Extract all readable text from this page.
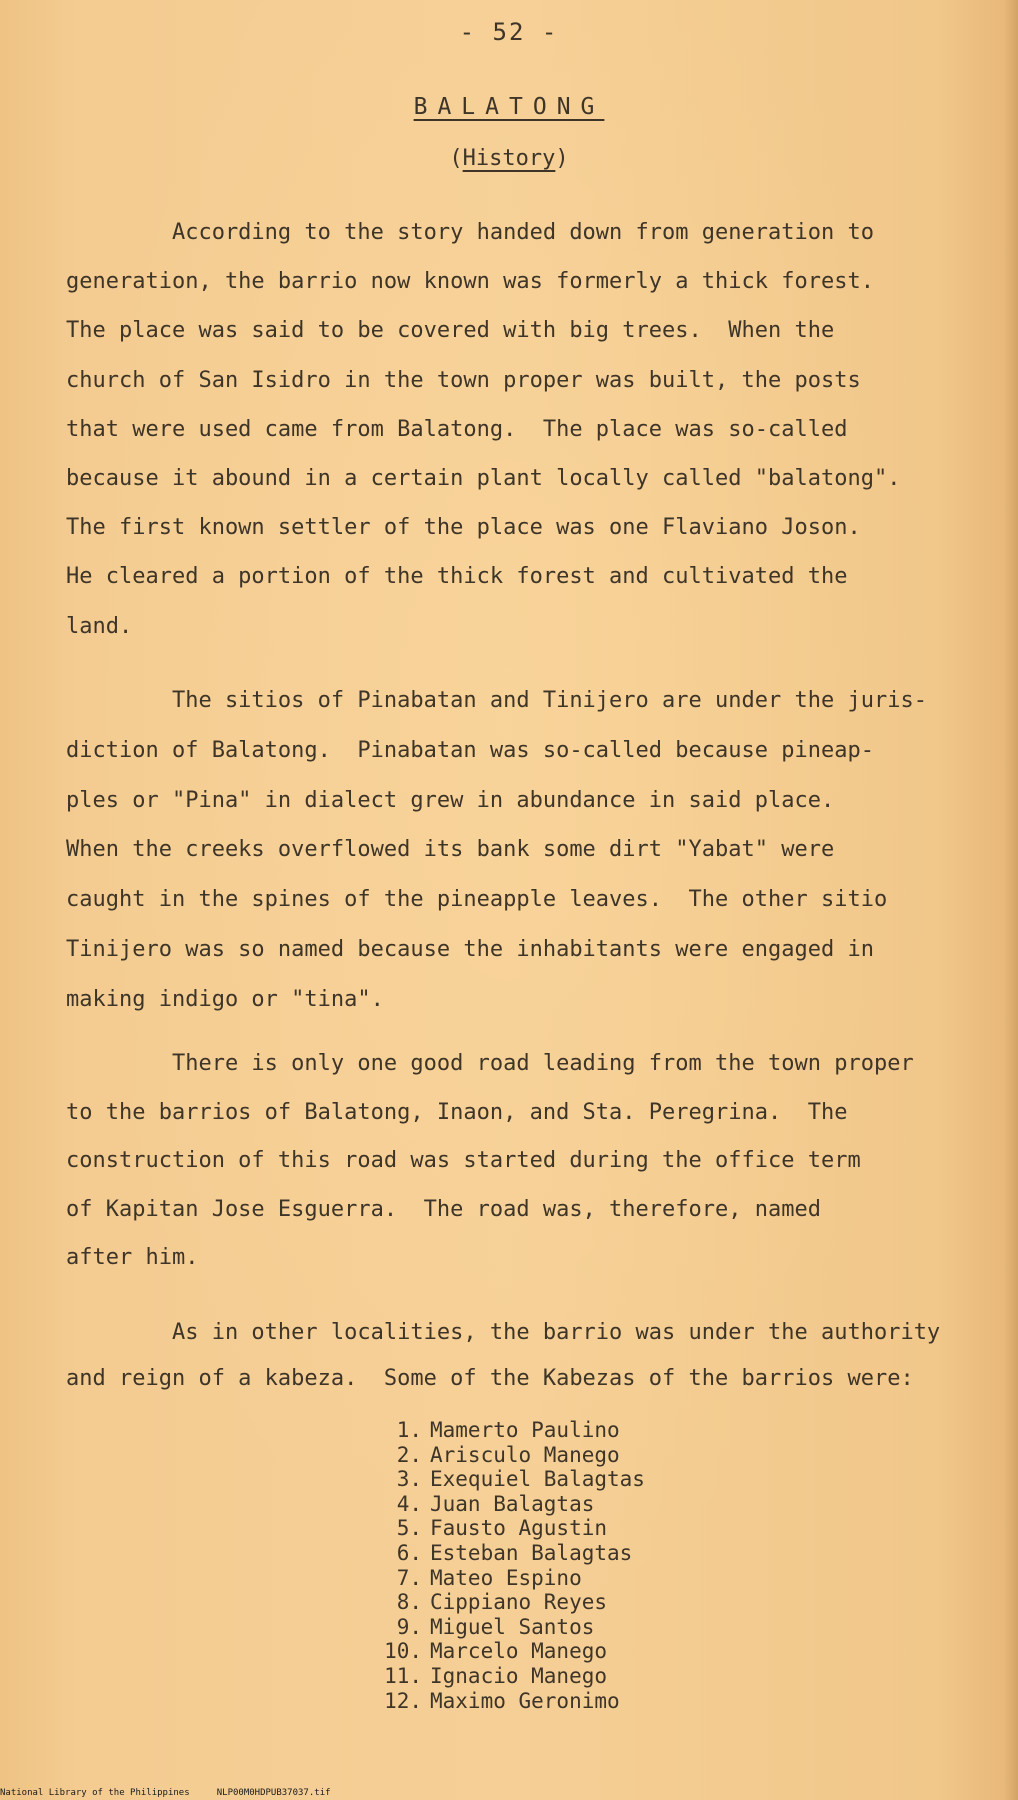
- 52 -
BALATONG
(History)
According to the story handed down from generation to
generation, the barrio now known was formerly a thick forest.
The place was said to be covered with big trees.  When the
church of San Isidro in the town proper was built, the posts
that were used came from Balatong.  The place was so-called
because it abound in a certain plant locally called "balatong".
The first known settler of the place was one Flaviano Joson.
He cleared a portion of the thick forest and cultivated the
land.
The sitios of Pinabatan and Tinijero are under the juris-
diction of Balatong.  Pinabatan was so-called because pineap-
ples or "Pina" in dialect grew in abundance in said place.
When the creeks overflowed its bank some dirt "Yabat" were
caught in the spines of the pineapple leaves.  The other sitio
Tinijero was so named because the inhabitants were engaged in
making indigo or "tina".
There is only one good road leading from the town proper
to the barrios of Balatong, Inaon, and Sta. Peregrina.  The
construction of this road was started during the office term
of Kapitan Jose Esguerra.  The road was, therefore, named
after him.
As in other localities, the barrio was under the authority
and reign of a kabeza.  Some of the Kabezas of the barrios were:
1. Mamerto Paulino
2. Arisculo Manego
3. Exequiel Balagtas
4. Juan Balagtas
5. Fausto Agustin
6. Esteban Balagtas
7. Mateo Espino
8. Cippiano Reyes
9. Miguel Santos
10. Marcelo Manego
11. Ignacio Manego
12. Maximo Geronimo
National Library of the Philippines     NLP00M0HDPUB37037.tif
